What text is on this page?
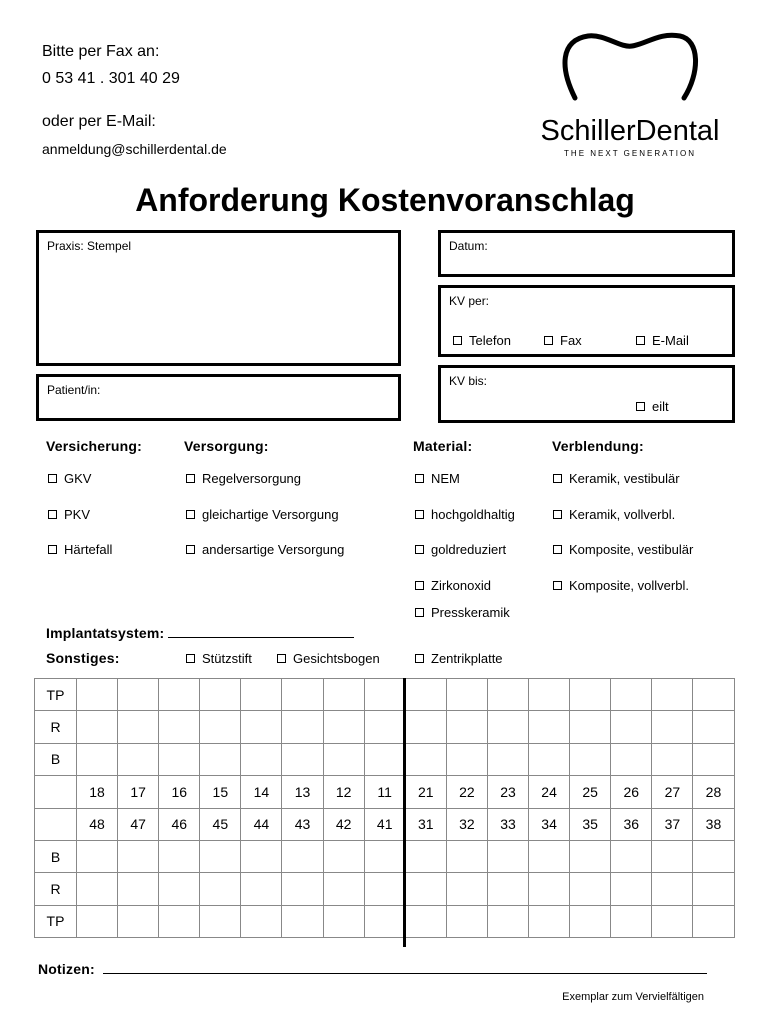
Bitte per Fax an:
0 53 41 . 301 40 29
oder per E-Mail:
anmeldung@schillerdental.de
SchillerDental
THE NEXT GENERATION
Anforderung Kostenvoranschlag
Praxis: Stempel
Patient/in:
Datum:
KV per:
Telefon	Fax	E-Mail
KV bis:
eilt
Versicherung:	Versorgung:	Material:	Verblendung:
GKV
PKV
Härtefall
Regelversorgung
gleichartige Versorgung
andersartige Versorgung
NEM
hochgoldhaltig
goldreduziert
Zirkonoxid
Presskeramik
Keramik, vestibulär
Keramik, vollverbl.
Komposite, vestibulär
Komposite, vollverbl.
Implantatsystem:
Sonstiges:	Stützstift	Gesichtsbogen	Zentrikplatte
TP																
R																
B																
	18	17	16	15	14	13	12	11	21	22	23	24	25	26	27	28
	48	47	46	45	44	43	42	41	31	32	33	34	35	36	37	38
B																
R																
TP																
Notizen:
Exemplar zum Vervielfältigen
